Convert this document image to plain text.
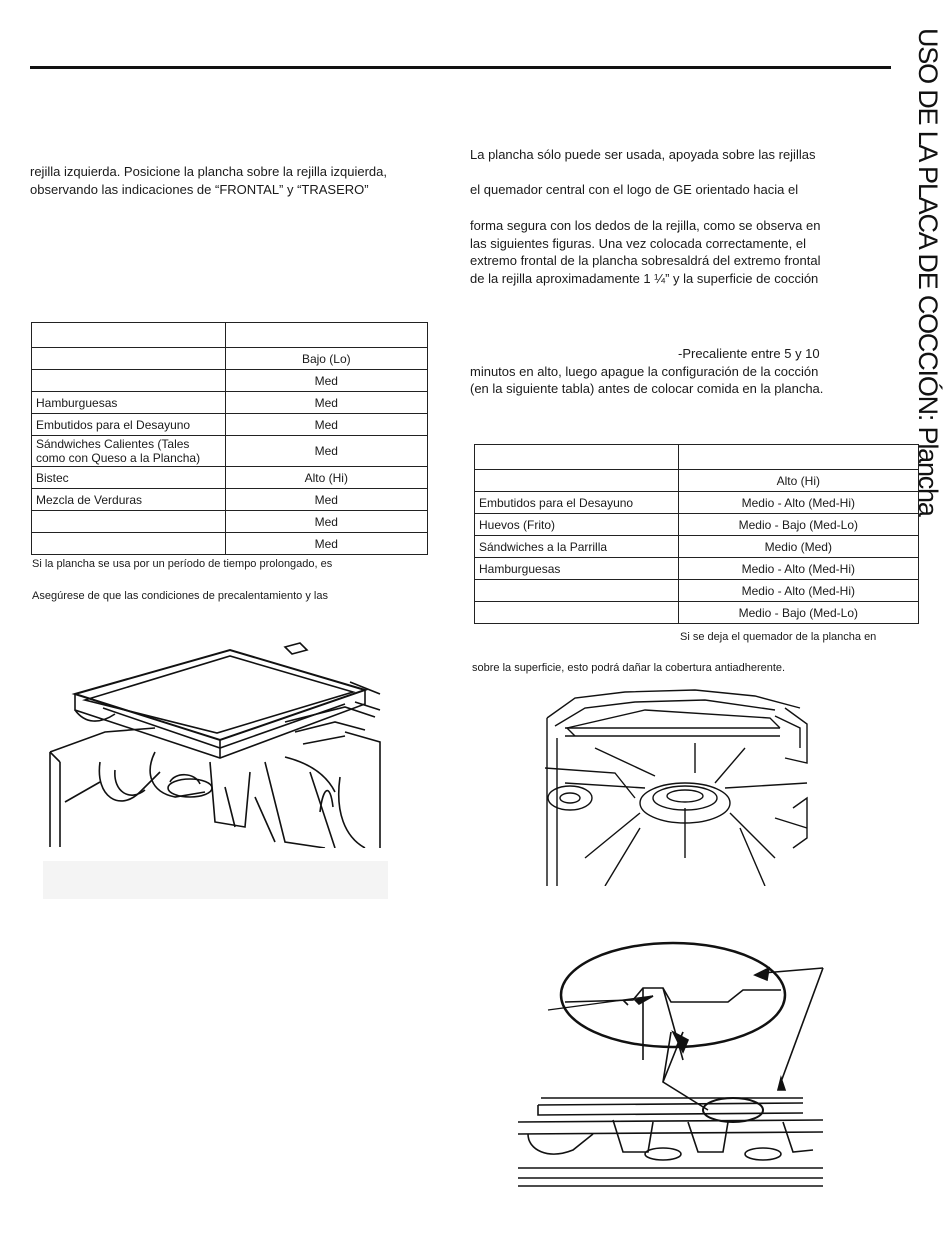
USO DE LA PLACA DE COCCIÓN: Plancha

rejilla izquierda. Posicione la plancha sobre la rejilla izquierda,
observando las indicaciones de “FRONTAL” y “TRASERO”

	Bajo (Lo)
	Med
Hamburguesas	Med
Embutidos para el Desayuno	Med

Sándwiches Calientes (Tales
como con Queso a la Plancha)	Med
Bistec	Alto (Hi)
Mezcla de Verduras	Med
	Med
	Med
Si la plancha se usa por un período de tiempo prolongado, es
Asegúrese de que las condiciones de precalentamiento y las

La plancha sólo puede ser usada, apoyada sobre las rejillas

el quemador central con el logo de GE orientado hacia el

forma segura con los dedos de la rejilla, como se observa en
las siguientes figuras. Una vez colocada correctamente, el
extremo frontal de la plancha sobresaldrá del extremo frontal
de la rejilla aproximadamente 1 ¼” y la superficie de cocción

-Precaliente entre 5 y 10
minutos en alto, luego apague la configuración de la cocción
(en la siguiente tabla) antes de colocar comida en la plancha.

	Alto (Hi)
Embutidos para el Desayuno	Medio - Alto (Med-Hi)
Huevos (Frito)	Medio - Bajo (Med-Lo)
Sándwiches a la Parrilla	Medio (Med)
Hamburguesas	Medio - Alto (Med-Hi)
	Medio - Alto (Med-Hi)
	Medio - Bajo (Med-Lo)
Si se deja el quemador de la plancha en
sobre la superficie, esto podrá dañar la cobertura antiadherente.
